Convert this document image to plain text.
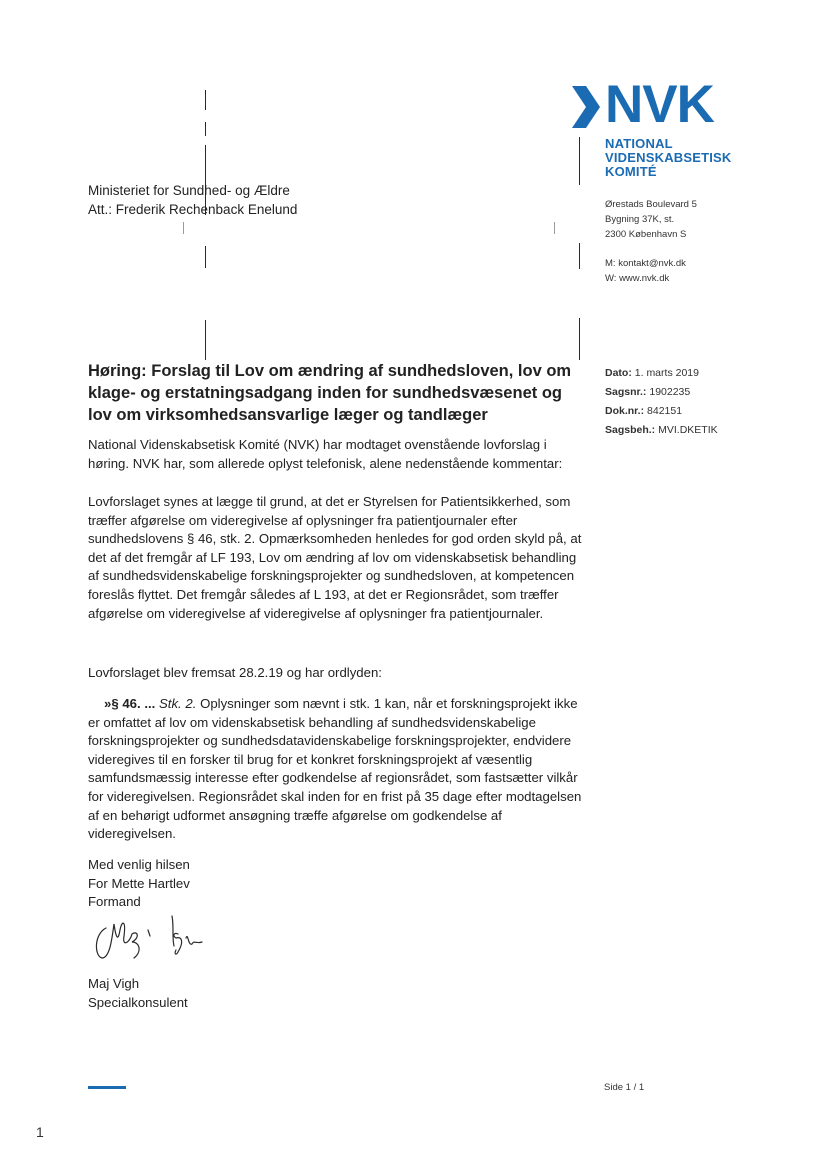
NVK
NATIONAL
VIDENSKABSETISK
KOMITÉ
Ørestads Boulevard 5
Bygning 37K, st.
2300 København S
M: kontakt@nvk.dk
W: www.nvk.dk
Ministeriet for Sundhed- og Ældre
Att.: Frederik Rechenback Enelund
Høring: Forslag til Lov om ændring af sundhedsloven, lov om klage- og erstatningsadgang inden for sundhedsvæsenet og lov om virksomhedsansvarlige læger og tandlæger
Dato: 1. marts 2019
Sagsnr.: 1902235
Dok.nr.: 842151
Sagsbeh.: MVI.DKETIK

National Videnskabsetisk Komité (NVK) har modtaget ovenstående lovforslag i høring. NVK har, som allerede oplyst telefonisk, alene nedenstående kommentar:

Lovforslaget synes at lægge til grund, at det er Styrelsen for Patientsikkerhed, som træffer afgørelse om videregivelse af oplysninger fra patientjournaler efter sundhedslovens § 46, stk. 2. Opmærksomheden henledes for god orden skyld på, at det af det fremgår af LF 193, Lov om ændring af lov om videnskabsetisk behandling af sundhedsvidenskabelige forskningsprojekter og sundhedsloven, at kompetencen foreslås flyttet. Det fremgår således af L 193, at det er Regionsrådet, som træffer afgørelse om videregivelse af videregivelse af oplysninger fra patientjournaler.

Lovforslaget blev fremsat 28.2.19 og har ordlyden:

»§ 46. ... Stk. 2. Oplysninger som nævnt i stk. 1 kan, når et forskningsprojekt ikke er omfattet af lov om videnskabsetisk behandling af sundhedsvidenskabelige forskningsprojekter og sundhedsdatavidenskabelige forskningsprojekter, endvidere videregives til en forsker til brug for et konkret forskningsprojekt af væsentlig samfundsmæssig interesse efter godkendelse af regionsrådet, som fastsætter vilkår for videregivelsen. Regionsrådet skal inden for en frist på 35 dage efter modtagelsen af en behørigt udformet ansøgning træffe afgørelse om godkendelse af videregivelsen.
Med venlig hilsen
For Mette Hartlev
Formand
Maj Vigh
Specialkonsulent
Side 1 / 1
1
